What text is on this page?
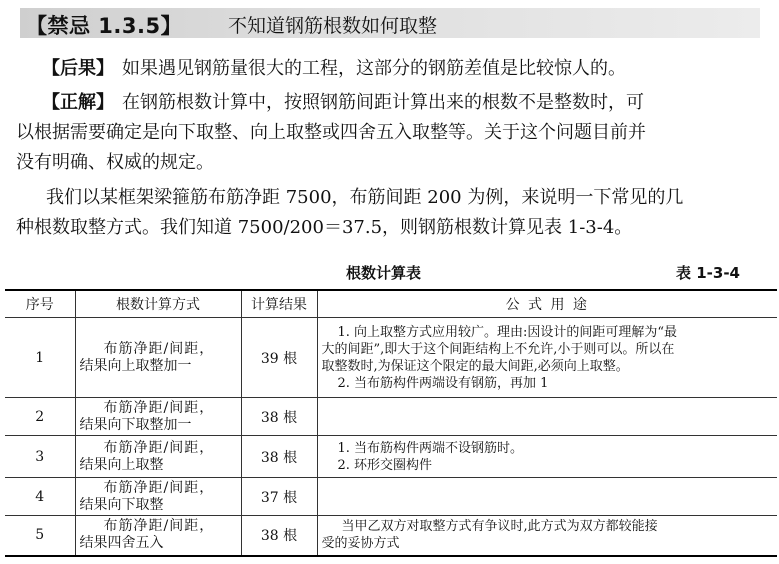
【禁忌 1.3.5】 不知道钢筋根数如何取整
【后果】 如果遇见钢筋量很大的工程，这部分的钢筋差值是比较惊人的。
【正解】 在钢筋根数计算中，按照钢筋间距计算出来的根数不是整数时，可
以根据需要确定是向下取整、向上取整或四舍五入取整等。关于这个问题目前并
没有明确、权威的规定。
我们以某框架梁箍筋布筋净距 7500，布筋间距 200 为例，来说明一下常见的几
种根数取整方式。我们知道 7500/200＝37.5，则钢筋根数计算见表 1-3-4。
根数计算表	表 1-3-4
序号	根数计算方式	计算结果	公 式 用 途
1	布筋净距/间距，
结果向上取整加一	39 根	1. 向上取整方式应用较广。理由:因设计的间距可理解为“最
大的间距”,即大于这个间距结构上不允许,小于则可以。所以在
取整数时,为保证这个限定的最大间距,必须向上取整。
2. 当布筋构件两端设有钢筋，再加 1

2	布筋净距/间距，
结果向下取整加一	38 根	
3	布筋净距/间距，
结果向上取整	38 根	1. 当布筋构件两端不设钢筋时。
2. 环形交圈构件

4	布筋净距/间距，
结果向下取整	37 根	
5	布筋净距/间距，
结果四舍五入	38 根	当甲乙双方对取整方式有争议时,此方式为双方都较能接
受的妥协方式
